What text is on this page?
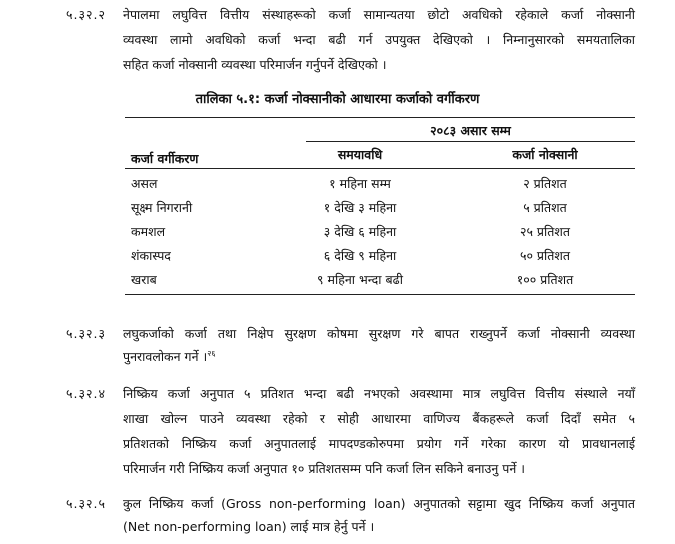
५.३२.२ नेपालमा लघुवित्त वित्तीय संस्थाहरूको कर्जा सामान्यतया छोटो अवधिको रहेकाले कर्जा नोक्सानी
व्यवस्था लामो अवधिको कर्जा भन्दा बढी गर्न उपयुक्त देखिएको । निम्नानुसारको समयतालिका
सहित कर्जा नोक्सानी व्यवस्था परिमार्जन गर्नुपर्ने देखिएको ।
तालिका ५.१: कर्जा नोक्सानीको आधारमा कर्जाको वर्गीकरण
२०८३ असार सम्म
कर्जा वर्गीकरण	समयावधि	कर्जा नोक्सानी
असल	१ महिना सम्म	२ प्रतिशत
सूक्ष्म निगरानी	१ देखि ३ महिना	५ प्रतिशत
कमशल	३ देखि ६ महिना	२५ प्रतिशत
शंकास्पद	६ देखि ९ महिना	५० प्रतिशत
खराब	९ महिना भन्दा बढी	१०० प्रतिशत
५.३२.३ लघुकर्जाको कर्जा तथा निक्षेप सुरक्षण कोषमा सुरक्षण गरे बापत राख्नुपर्ने कर्जा नोक्सानी व्यवस्था
पुनरावलोकन गर्ने ।$^{२६}$
५.३२.४ निष्क्रिय कर्जा अनुपात ५ प्रतिशत भन्दा बढी नभएको अवस्थामा मात्र लघुवित्त वित्तीय संस्थाले नयाँ
शाखा खोल्न पाउने व्यवस्था रहेको र सोही आधारमा वाणिज्य बैंकहरूले कर्जा दिदाँ समेत ५
प्रतिशतको निष्क्रिय कर्जा अनुपातलाई मापदण्डकोरुपमा प्रयोग गर्ने गरेका कारण यो प्रावधानलाई
परिमार्जन गरी निष्क्रिय कर्जा अनुपात १० प्रतिशतसम्म पनि कर्जा लिन सकिने बनाउनु पर्ने ।
५.३२.५ कुल निष्क्रिय कर्जा (Gross non-performing loan) अनुपातको सट्टामा खुद निष्क्रिय कर्जा अनुपात
(Net non-performing loan) लाई मात्र हेर्नु पर्ने ।
